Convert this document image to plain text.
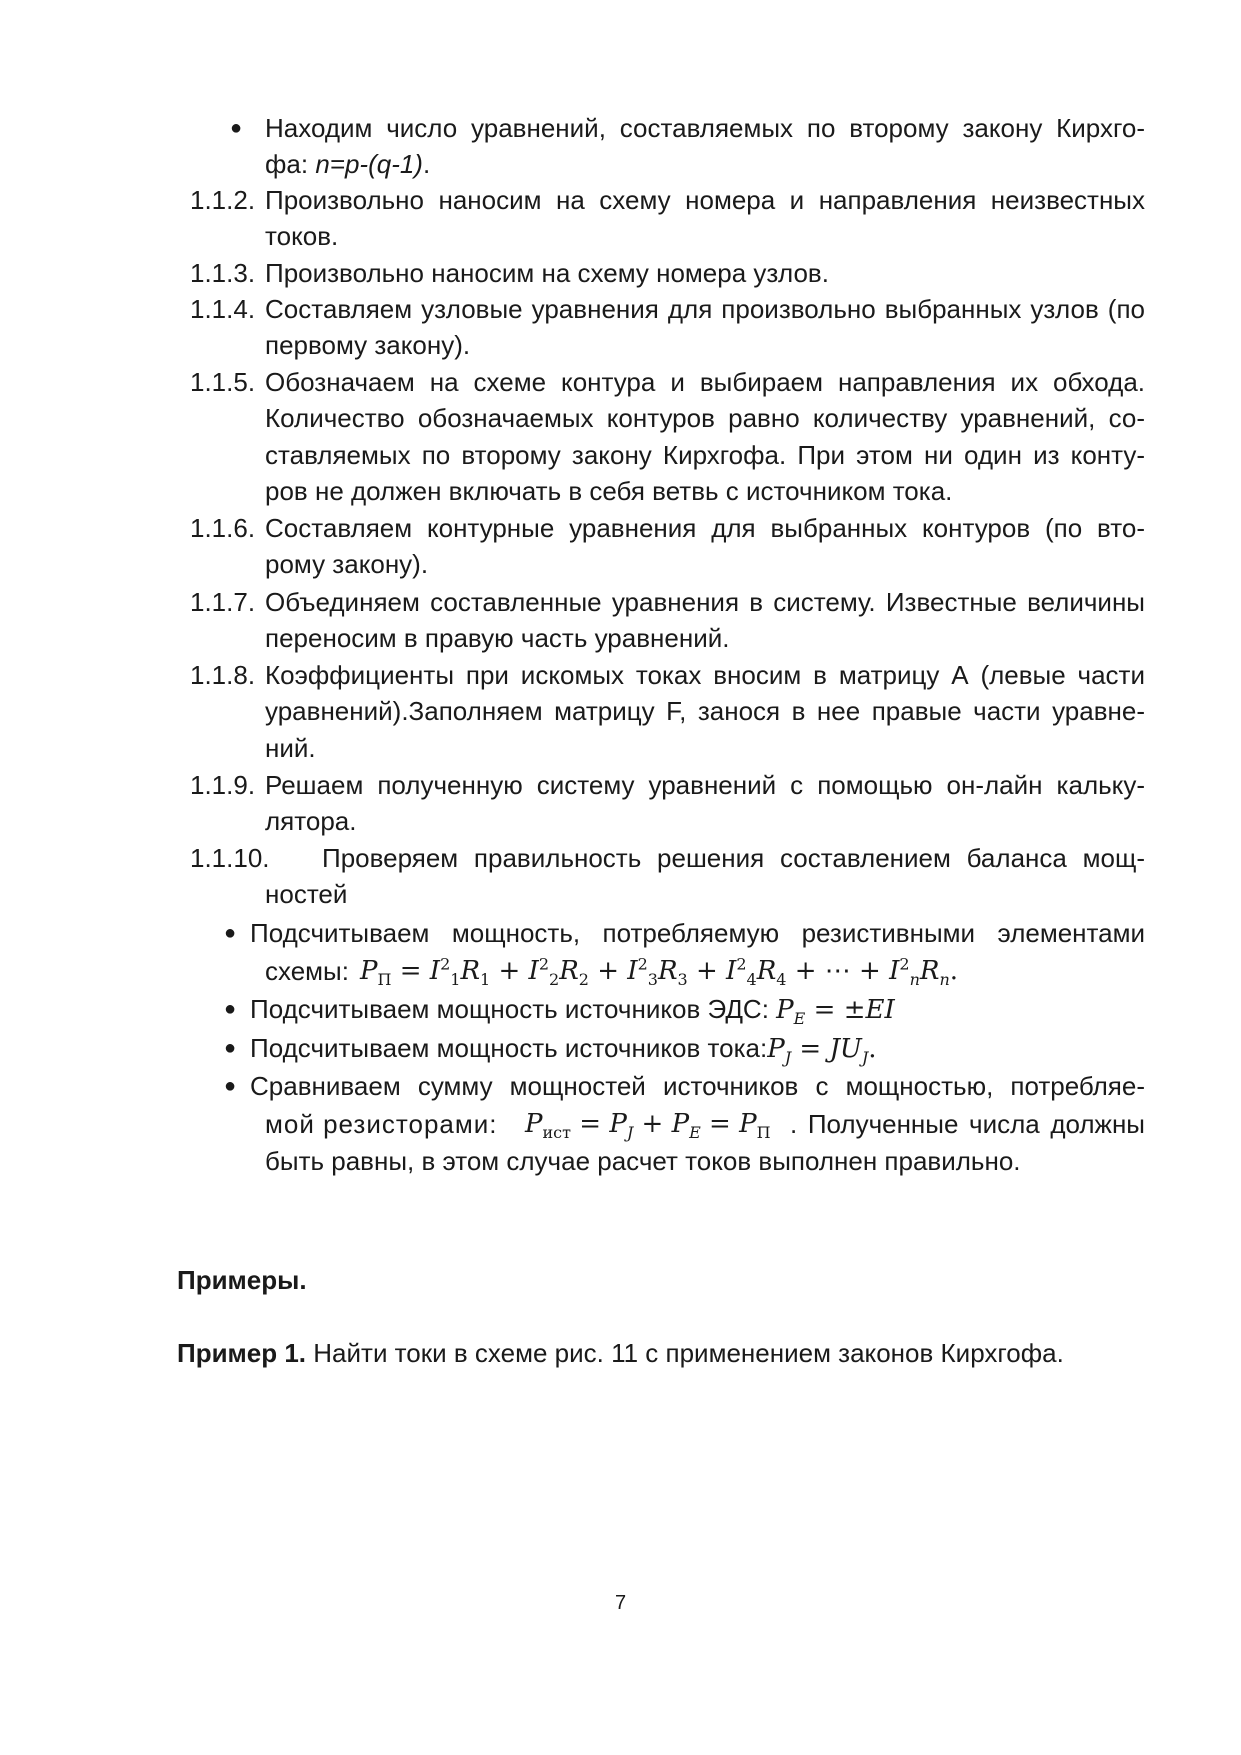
● Находим число уравнений, составляемых по второму закону Кирхго-
фа: n=p-(q-1).
1.1.2. Произвольно наносим на схему номера и направления неизвестных
токов.
1.1.3. Произвольно наносим на схему номера узлов.
1.1.4. Составляем узловые уравнения для произвольно выбранных узлов (по
первому закону).
1.1.5. Обозначаем на схеме контура и выбираем направления их обхода.
Количество обозначаемых контуров равно количеству уравнений, со-
ставляемых по второму закону Кирхгофа. При этом ни один из конту-
ров не должен включать в себя ветвь с источником тока.
1.1.6. Составляем контурные уравнения для выбранных контуров (по вто-
рому закону).
1.1.7. Объединяем составленные уравнения в систему. Известные величины
переносим в правую часть уравнений.
1.1.8. Коэффициенты при искомых токах вносим в матрицу А (левые части
уравнений).Заполняем матрицу F, занося в нее правые части уравне-
ний.
1.1.9. Решаем полученную систему уравнений с помощью он-лайн кальку-
лятора.
1.1.10. Проверяем правильность решения составлением баланса мощ-
ностей
● Подсчитываем мощность, потребляемую резистивными элементами
схемы: $P_П = I^2_1R_1 + I^2_2R_2 + I^2_3R_3 + I^2_4R_4$ + ⋯ + $I^2_nR_n$.
● Подсчитываем мощность источников ЭДС: $P_E = \pm EI$
● Подсчитываем мощность источников $тока:P_J = JU_J$.
● Сравниваем сумму мощностей источников с мощностью, потребляе-
мой резисторами: $P_{ист} = P_J + P_E = P_П$ . Полученные числа должны
быть равны, в этом случае расчет токов выполнен правильно.
Примеры.
Пример 1. Найти токи в схеме рис. 11 с применением законов Кирхгофа.
7
